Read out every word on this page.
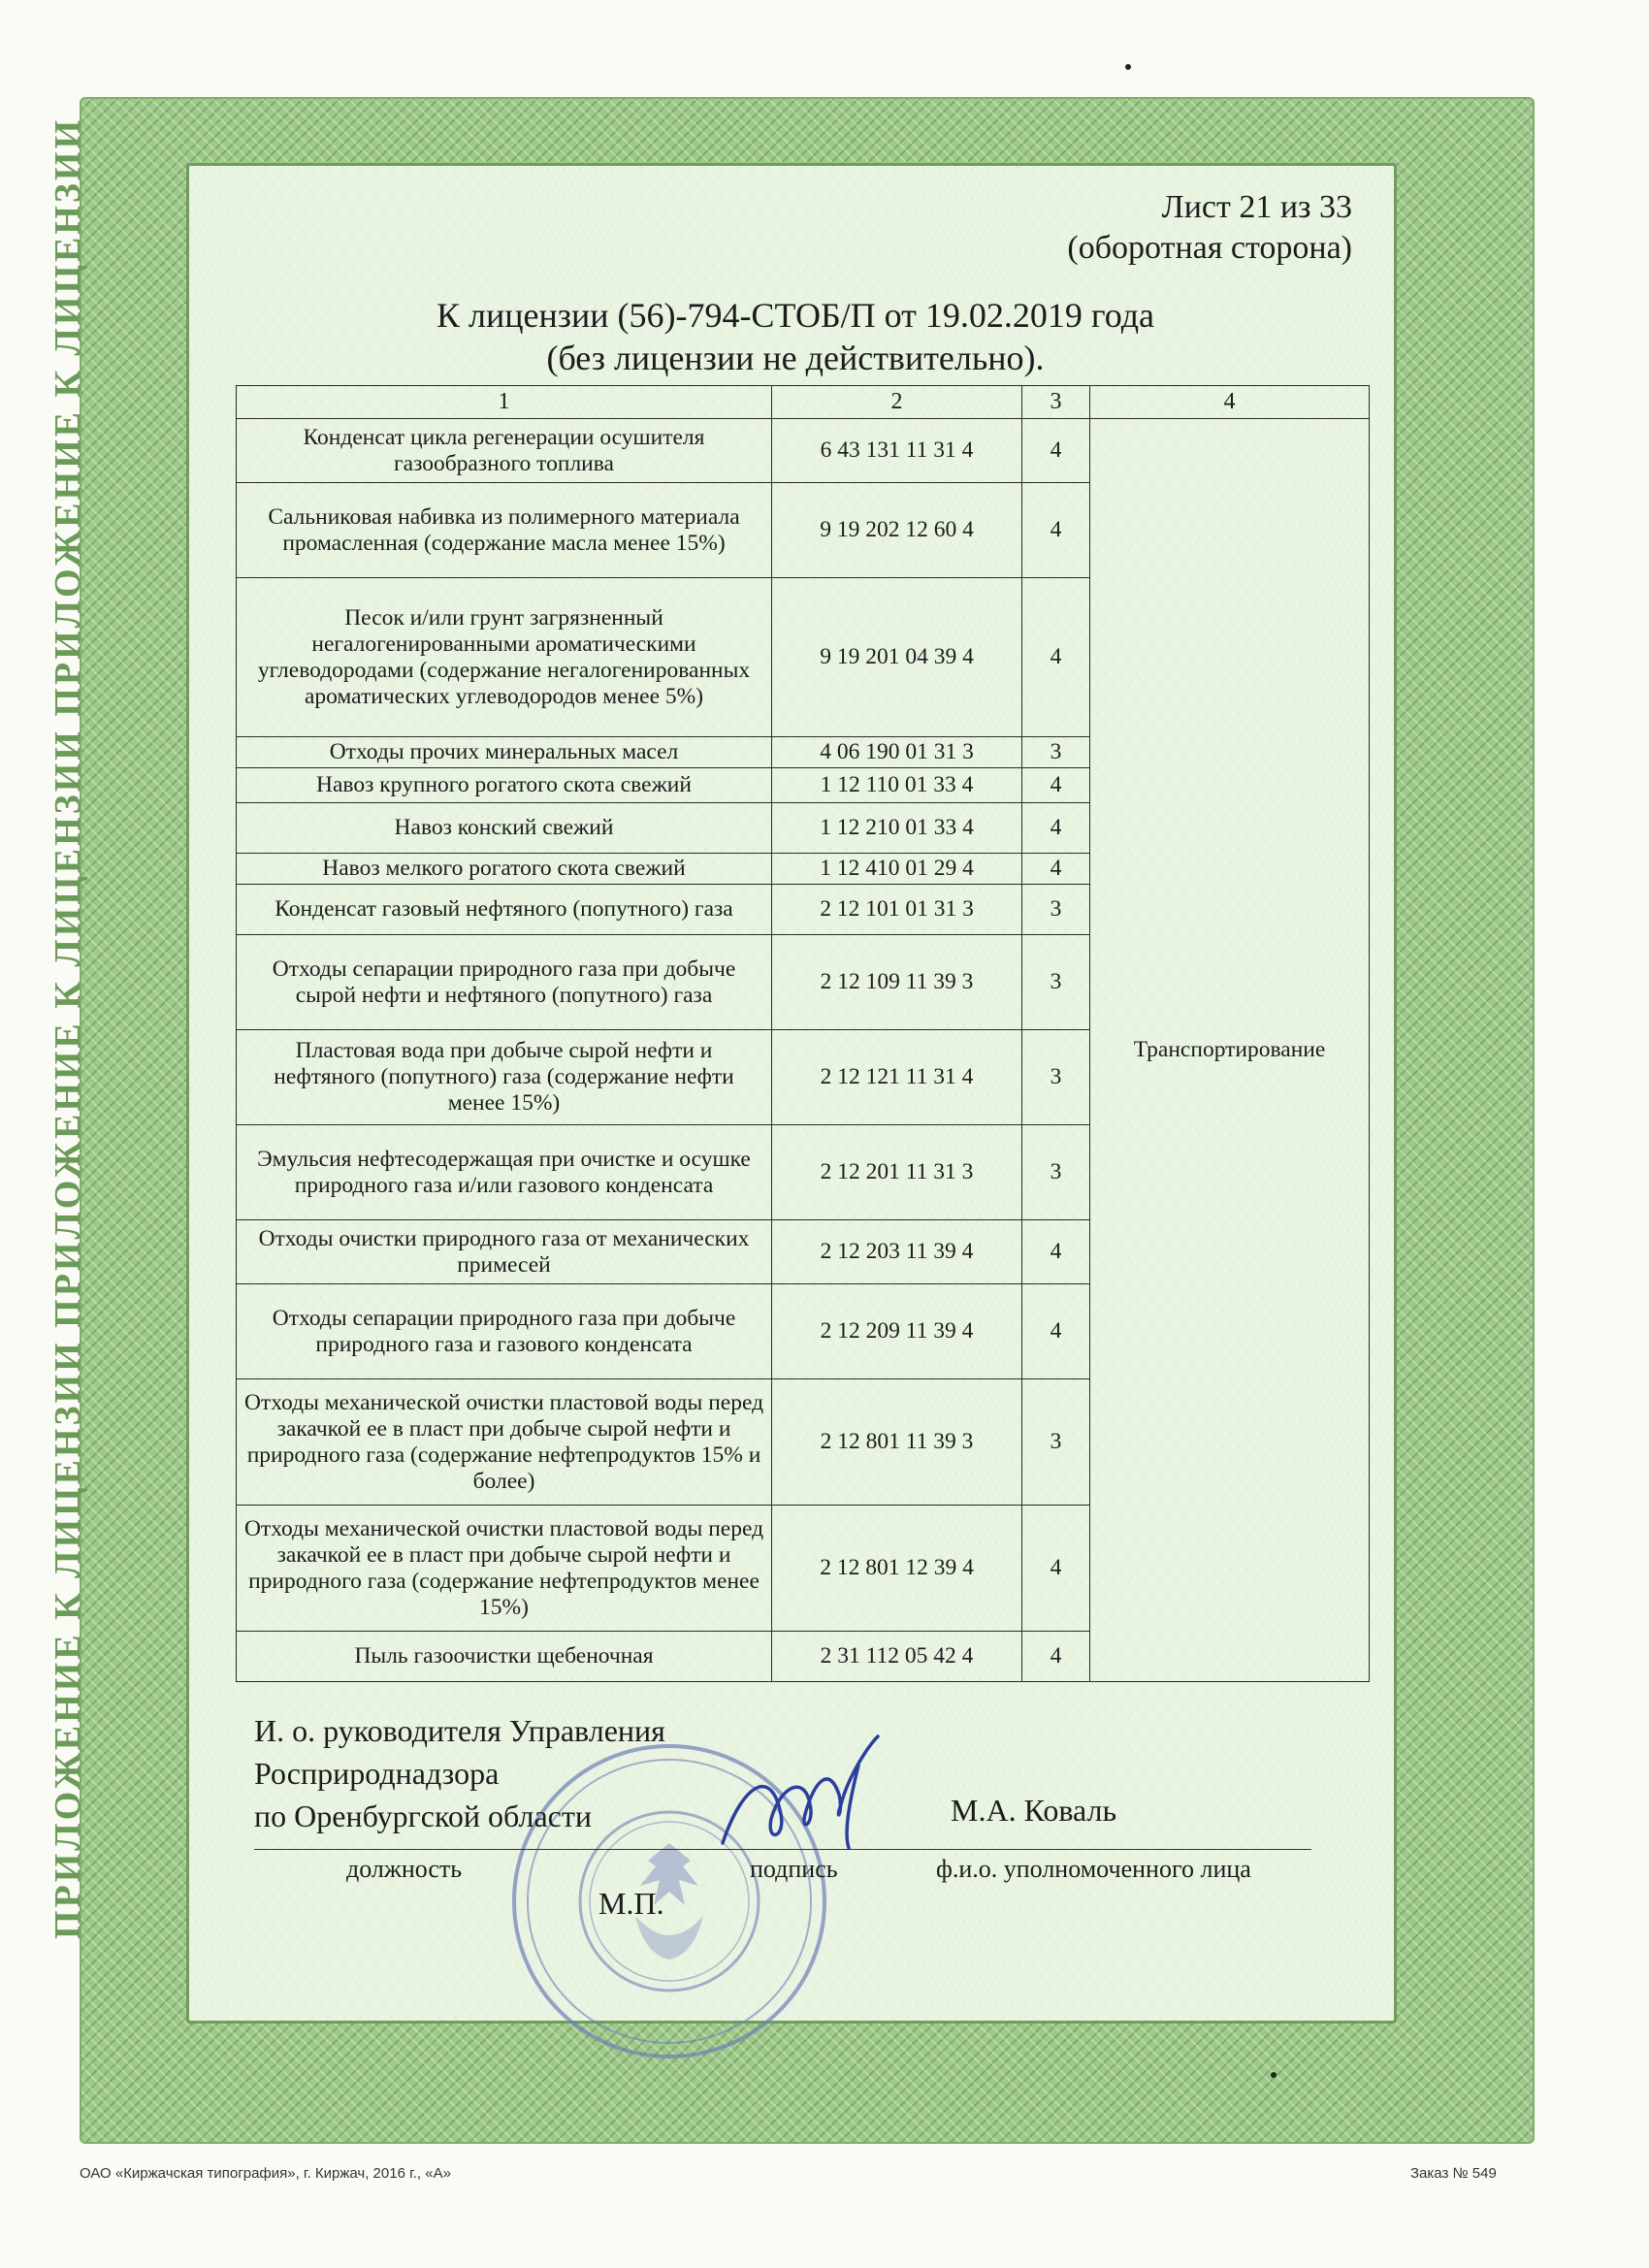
ПРИЛОЖЕНИЕ К ЛИЦЕНЗИИ ПРИЛОЖЕНИЕ К ЛИЦЕНЗИИ ПРИЛОЖЕНИЕ К ЛИЦЕНЗИИ	Лист 21 из 33
(оборотная сторона)
К лицензии (56)-794-СТОБ/П от 19.02.2019 года
(без лицензии не действительно).
1	2	3	4
Конденсат цикла регенерации осушителя газообразного топлива	6 43 131 11 31 4	4	Транспортирование
Сальниковая набивка из полимерного материала промасленная (содержание масла менее 15%)	9 19 202 12 60 4	4	
Песок и/или грунт загрязненный негалогенированными ароматическими углеводородами (содержание негалогенированных ароматических углеводородов менее 5%)	9 19 201 04 39 4	4	
Отходы прочих минеральных масел	4 06 190 01 31 3	3	
Навоз крупного рогатого скота свежий	1 12 110 01 33 4	4	
Навоз конский свежий	1 12 210 01 33 4	4	
Навоз мелкого рогатого скота свежий	1 12 410 01 29 4	4	
Конденсат газовый нефтяного (попутного) газа	2 12 101 01 31 3	3	
Отходы сепарации природного газа при добыче сырой нефти и нефтяного (попутного) газа	2 12 109 11 39 3	3	
Пластовая вода при добыче сырой нефти и нефтяного (попутного) газа (содержание нефти менее 15%)	2 12 121 11 31 4	3	
Эмульсия нефтесодержащая при очистке и осушке природного газа и/или газового конденсата	2 12 201 11 31 3	3	
Отходы очистки природного газа от механических примесей	2 12 203 11 39 4	4	
Отходы сепарации природного газа при добыче природного газа и газового конденсата	2 12 209 11 39 4	4	
Отходы механической очистки пластовой воды перед закачкой ее в пласт при добыче сырой нефти и природного газа (содержание нефтепродуктов 15% и более)	2 12 801 11 39 3	3	
Отходы механической очистки пластовой воды перед закачкой ее в пласт при добыче сырой нефти и природного газа (содержание нефтепродуктов менее 15%)	2 12 801 12 39 4	4	
Пыль газоочистки щебеночная	2 31 112 05 42 4	4	
И. о. руководителя Управления
Росприроднадзора
по Оренбургской области	М.А. Коваль
должность	подпись	ф.и.о. уполномоченного лица
М.П.
ОАО «Киржачская типография», г. Киржач, 2016 г., «А»	Заказ № 549
